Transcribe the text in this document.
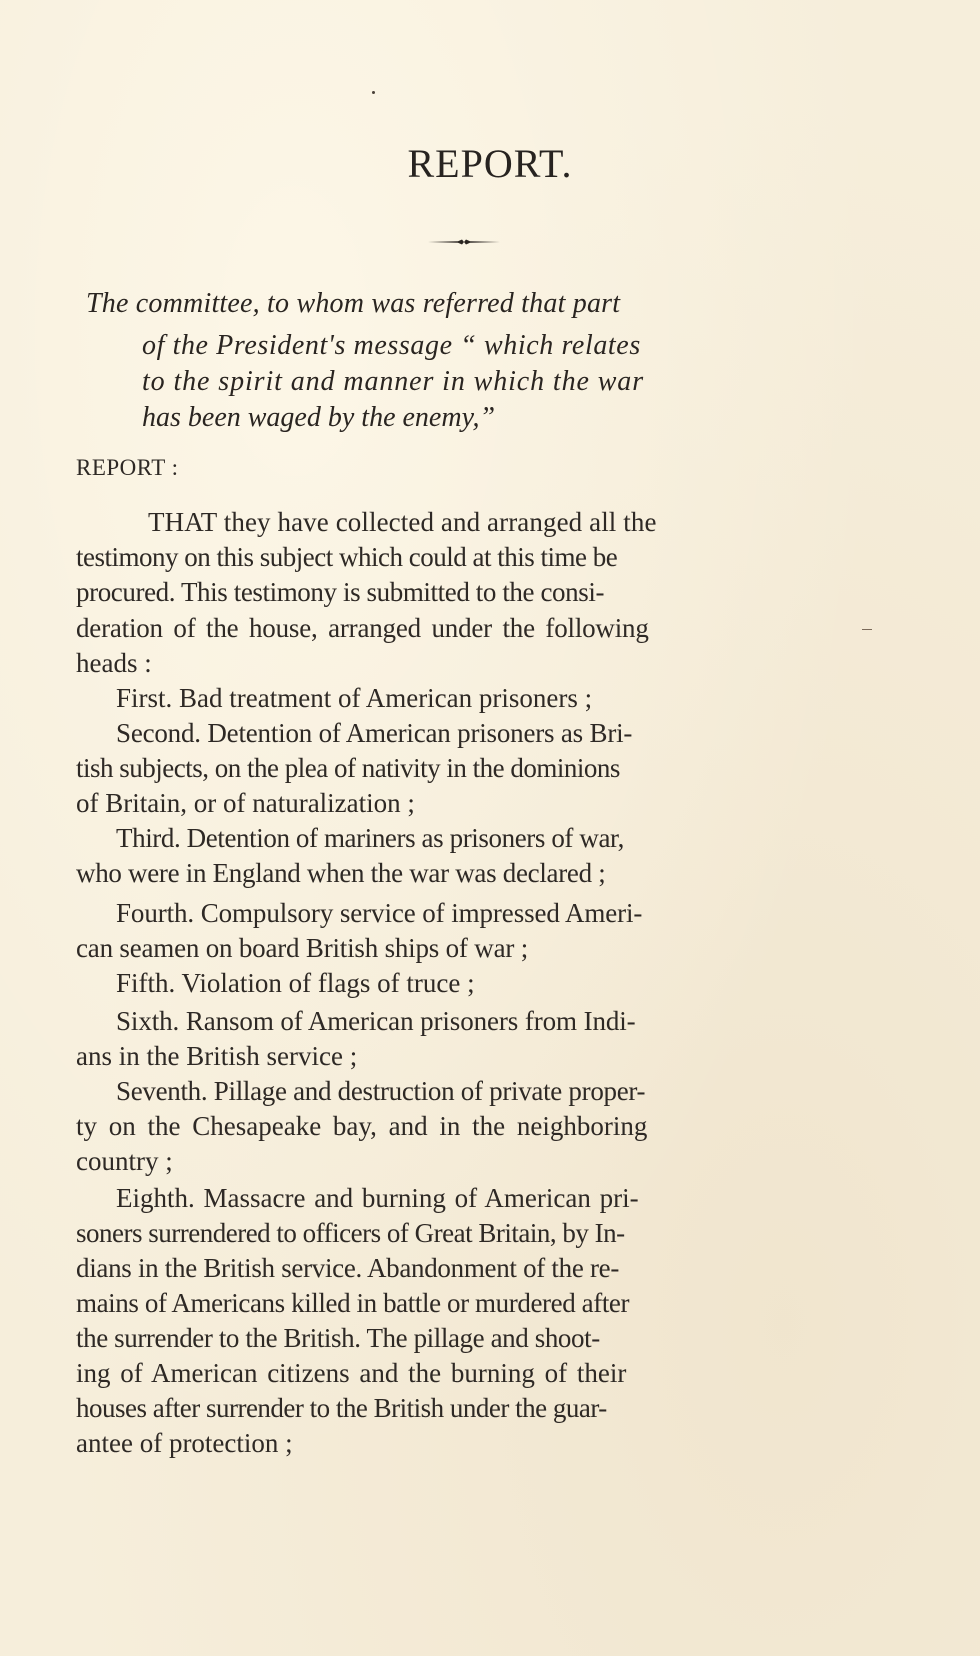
REPORT.
The committee, to whom was referred that part
of the President's message “ which relates
to the spirit and manner in which the war
has been waged by the enemy,”
REPORT :
THAT they have collected and arranged all the
testimony on this subject which could at this time be
procured. This testimony is submitted to the consi-
deration of the house, arranged under the following
heads :
First. Bad treatment of American prisoners ;
Second. Detention of American prisoners as Bri-
tish subjects, on the plea of nativity in the dominions
of Britain, or of naturalization ;
Third. Detention of mariners as prisoners of war,
who were in England when the war was declared ;
Fourth. Compulsory service of impressed Ameri-
can seamen on board British ships of war ;
Fifth. Violation of flags of truce ;
Sixth. Ransom of American prisoners from Indi-
ans in the British service ;
Seventh. Pillage and destruction of private proper-
ty on the Chesapeake bay, and in the neighboring
country ;
Eighth. Massacre and burning of American pri-
soners surrendered to officers of Great Britain, by In-
dians in the British service. Abandonment of the re-
mains of Americans killed in battle or murdered after
the surrender to the British. The pillage and shoot-
ing of American citizens and the burning of their
houses after surrender to the British under the guar-
antee of protection ;
